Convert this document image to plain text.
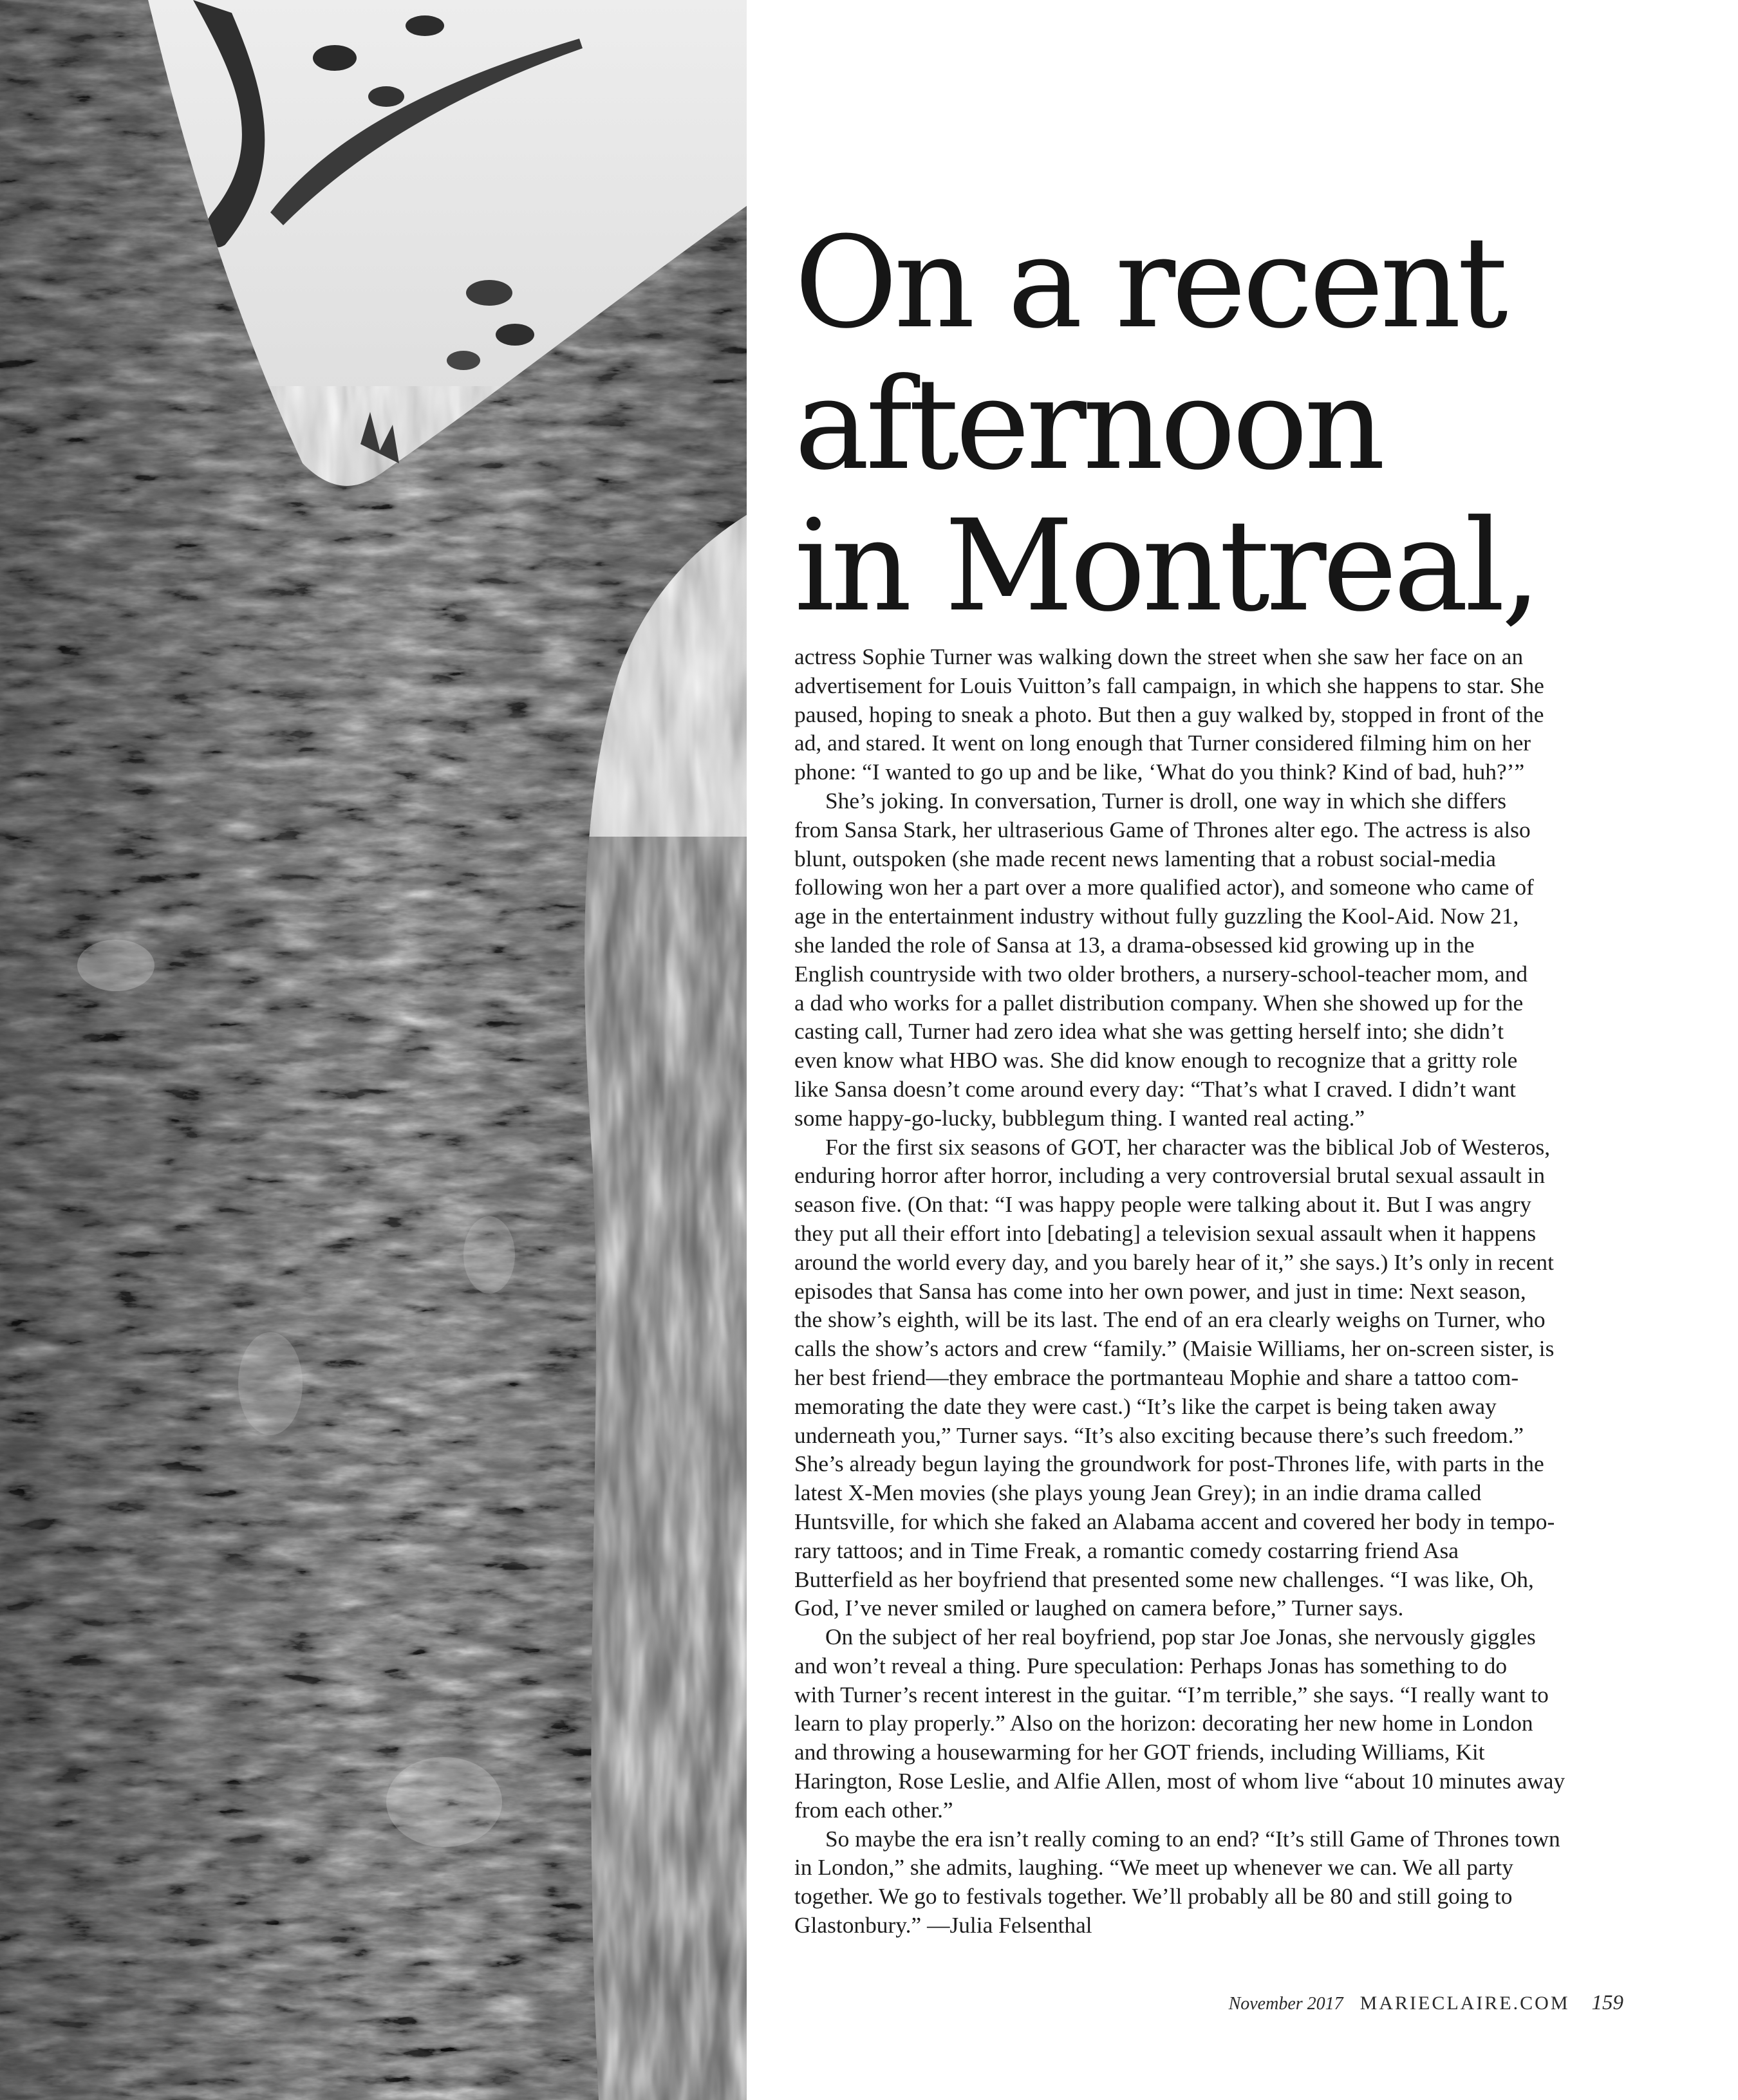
On a recent
afternoon
in Montreal,
actress Sophie Turner was walking down the street when she saw her face on an
advertisement for Louis Vuitton’s fall campaign, in which she happens to star. She
paused, hoping to sneak a photo. But then a guy walked by, stopped in front of the
ad, and stared. It went on long enough that Turner considered filming him on her
phone: “I wanted to go up and be like, ‘What do you think? Kind of bad, huh?’”
She’s joking. In conversation, Turner is droll, one way in which she differs
from Sansa Stark, her ultraserious Game of Thrones alter ego. The actress is also
blunt, outspoken (she made recent news lamenting that a robust social-media
following won her a part over a more qualified actor), and someone who came of
age in the entertainment industry without fully guzzling the Kool-Aid. Now 21,
she landed the role of Sansa at 13, a drama-obsessed kid growing up in the
English countryside with two older brothers, a nursery-school-teacher mom, and
a dad who works for a pallet distribution company. When she showed up for the
casting call, Turner had zero idea what she was getting herself into; she didn’t
even know what HBO was. She did know enough to recognize that a gritty role
like Sansa doesn’t come around every day: “That’s what I craved. I didn’t want
some happy-go-lucky, bubblegum thing. I wanted real acting.”
For the first six seasons of GOT, her character was the biblical Job of Westeros,
enduring horror after horror, including a very controversial brutal sexual assault in
season five. (On that: “I was happy people were talking about it. But I was angry
they put all their effort into [debating] a television sexual assault when it happens
around the world every day, and you barely hear of it,” she says.) It’s only in recent
episodes that Sansa has come into her own power, and just in time: Next season,
the show’s eighth, will be its last. The end of an era clearly weighs on Turner, who
calls the show’s actors and crew “family.” (Maisie Williams, her on-screen sister, is
her best friend—they embrace the portmanteau Mophie and share a tattoo com-
memorating the date they were cast.) “It’s like the carpet is being taken away
underneath you,” Turner says. “It’s also exciting because there’s such freedom.”
She’s already begun laying the groundwork for post-Thrones life, with parts in the
latest X-Men movies (she plays young Jean Grey); in an indie drama called
Huntsville, for which she faked an Alabama accent and covered her body in tempo-
rary tattoos; and in Time Freak, a romantic comedy costarring friend Asa
Butterfield as her boyfriend that presented some new challenges. “I was like, Oh,
God, I’ve never smiled or laughed on camera before,” Turner says.
On the subject of her real boyfriend, pop star Joe Jonas, she nervously giggles
and won’t reveal a thing. Pure speculation: Perhaps Jonas has something to do
with Turner’s recent interest in the guitar. “I’m terrible,” she says. “I really want to
learn to play properly.” Also on the horizon: decorating her new home in London
and throwing a housewarming for her GOT friends, including Williams, Kit
Harington, Rose Leslie, and Alfie Allen, most of whom live “about 10 minutes away
from each other.”
So maybe the era isn’t really coming to an end? “It’s still Game of Thrones town
in London,” she admits, laughing. “We meet up whenever we can. We all party
together. We go to festivals together. We’ll probably all be 80 and still going to
Glastonbury.” —Julia Felsenthal
November 2017 MARIECLAIRE.COM 159
